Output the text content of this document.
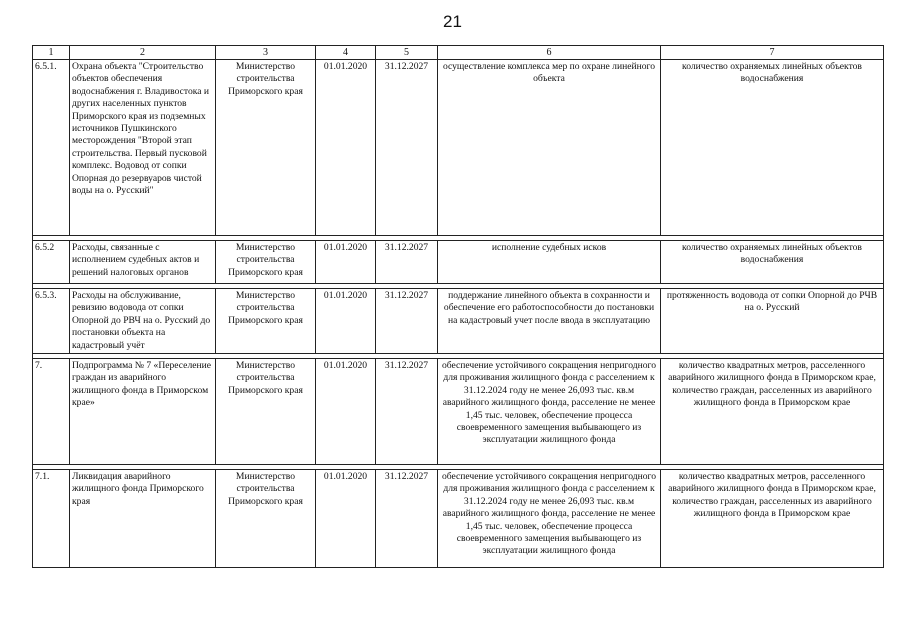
21
1	2	3	4	5	6	7
6.5.1.	Охрана объекта "Строительство объектов обеспечения водоснабжения г. Владивостока и других населенных пунктов Приморского края из подземных источников Пушкинского месторождения "Второй этап строительства. Первый пусковой комплекс. Водовод от сопки Опорная до резервуаров чистой воды на о. Русский"	Министерство строительства Приморского края	01.01.2020	31.12.2027	осуществление комплекса мер по охране линейного объекта	количество охраняемых линейных объектов водоснабжения

6.5.2	Расходы, связанные с исполнением судебных актов и решений налоговых органов	Министерство строительства Приморского края	01.01.2020	31.12.2027	исполнение судебных исков	количество охраняемых линейных объектов водоснабжения

6.5.3.	Расходы на обслуживание, ревизию водовода от сопки Опорной до РВЧ на о. Русский до постановки объекта на кадастровый учёт	Министерство строительства Приморского края	01.01.2020	31.12.2027	поддержание линейного объекта в сохранности и обеспечение его работоспособности до постановки на кадастровый учет после ввода в эксплуатацию	протяженность водовода от сопки Опорной до РЧВ на о. Русский

7.	Подпрограмма № 7 «Переселение граждан из аварийного жилищного фонда в Приморском крае»	Министерство строительства Приморского края	01.01.2020	31.12.2027	обеспечение устойчивого сокращения непригодного для проживания жилищного фонда с расселением к 31.12.2024 году не менее 26,093 тыс. кв.м аварийного жилищного фонда, расселение не менее 1,45 тыс. человек, обеспечение процесса своевременного замещения выбывающего из эксплуатации жилищного фонда	количество квадратных метров, расселенного аварийного жилищного фонда в Приморском крае, количество граждан, расселенных из аварийного жилищного фонда в Приморском крае

7.1.	Ликвидация аварийного жилищного фонда Приморского края	Министерство строительства Приморского края	01.01.2020	31.12.2027	обеспечение устойчивого сокращения непригодного для проживания жилищного фонда с расселением к 31.12.2024 году не менее 26,093 тыс. кв.м аварийного жилищного фонда, расселение не менее 1,45 тыс. человек, обеспечение процесса своевременного замещения выбывающего из эксплуатации жилищного фонда	количество квадратных метров, расселенного аварийного жилищного фонда в Приморском крае, количество граждан, расселенных из аварийного жилищного фонда в Приморском крае
